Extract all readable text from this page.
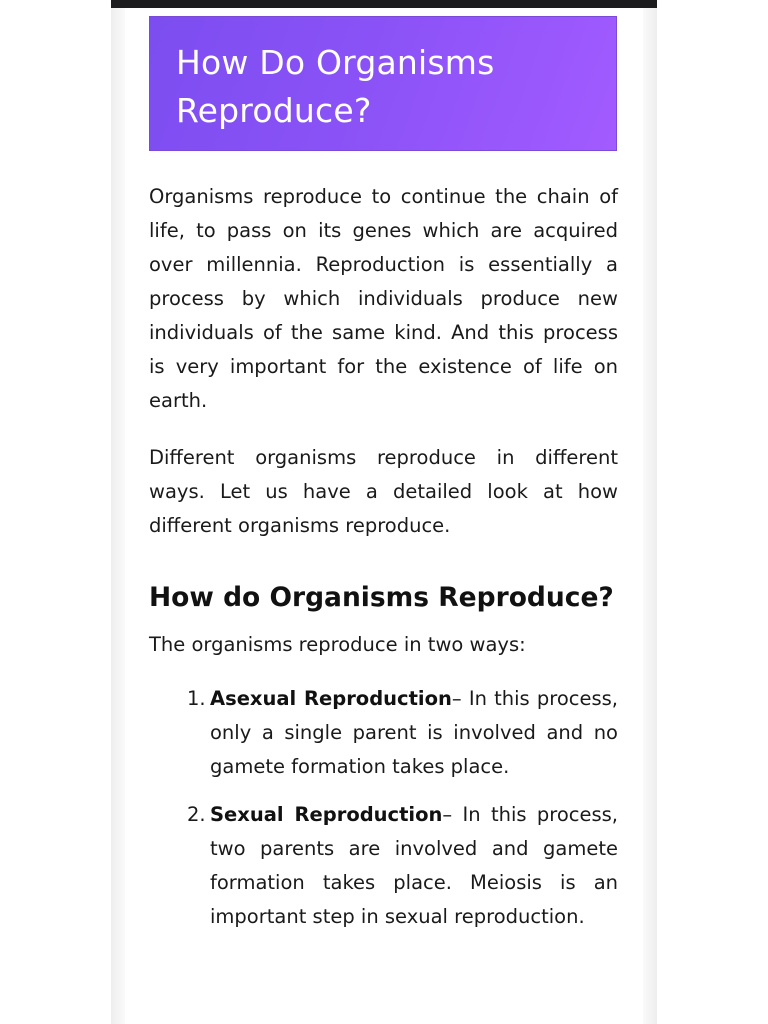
How Do Organisms Reproduce?

Organisms reproduce to continue the chain of life, to pass on its genes which are acquired over millennia. Reproduction is essentially a process by which individuals produce new individuals of the same kind. And this process is very important for the existence of life on earth.

Different organisms reproduce in different ways. Let us have a detailed look at how different organisms reproduce.

How do Organisms Reproduce?

The organisms reproduce in two ways:

1. Asexual Reproduction– In this process, only a single parent is involved and no gamete formation takes place.
2. Sexual Reproduction– In this process, two parents are involved and gamete formation takes place. Meiosis is an important step in sexual reproduction.
